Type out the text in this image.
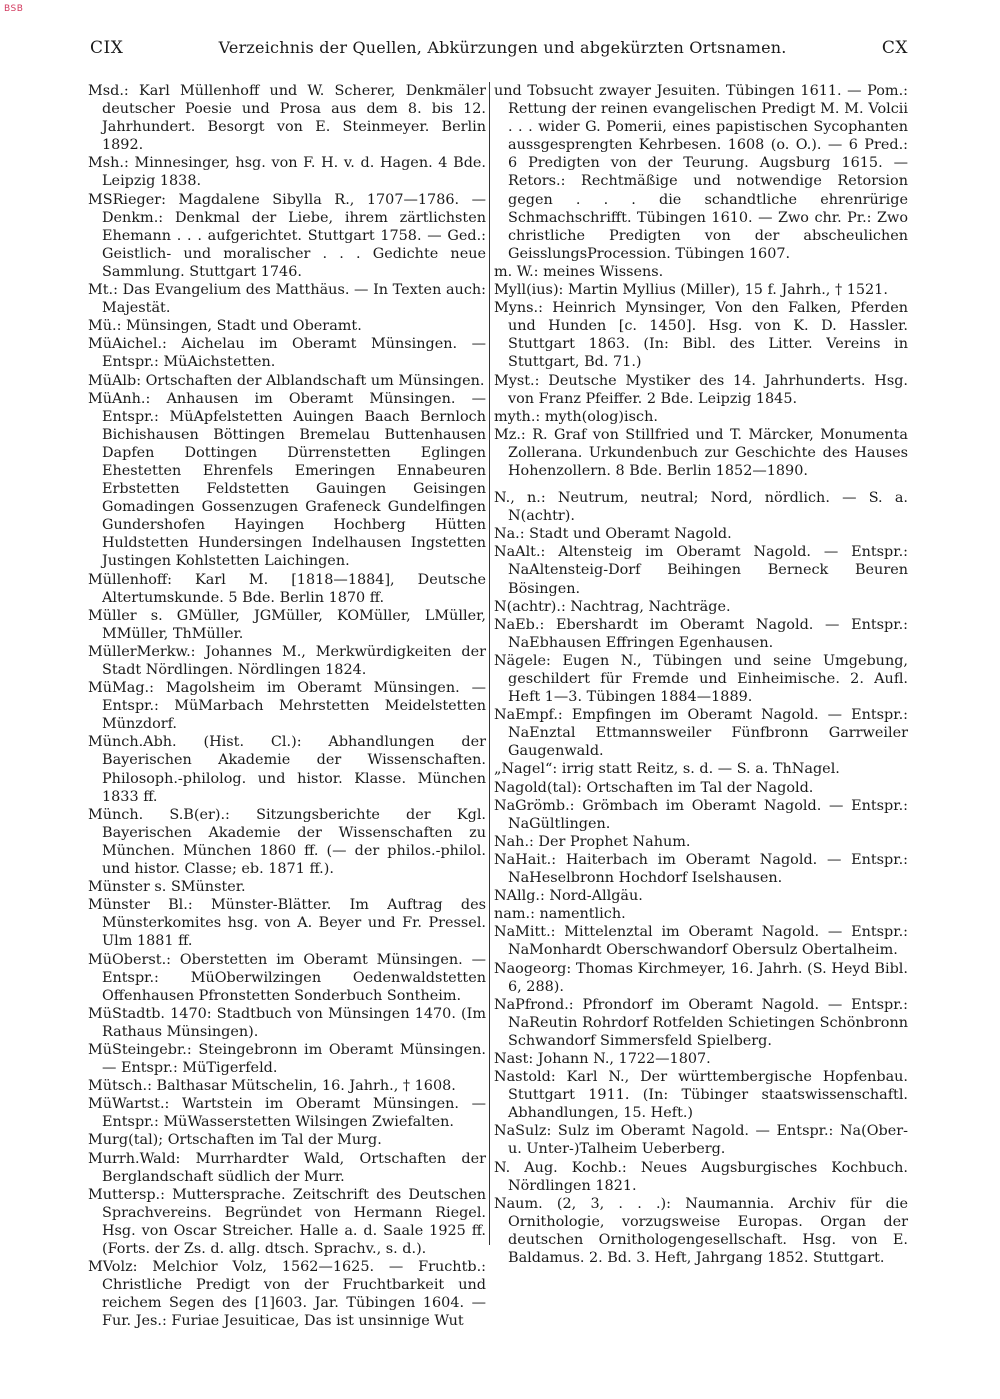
BSB
CIX	Verzeichnis der Quellen, Abkürzungen und abgekürzten Ortsnamen.	CX

Msd.: Karl Müllenhoff und W. Scherer, Denkmäler deutscher Poesie und Prosa aus dem 8. bis 12. Jahrhundert. Besorgt von E. Steinmeyer. Berlin 1892.

Msh.: Minnesinger, hsg. von F. H. v. d. Hagen. 4 Bde. Leipzig 1838.

MSRieger: Magdalene Sibylla R., 1707—1786. — Denkm.: Denkmal der Liebe, ihrem zärtlichsten Ehemann . . . aufgerichtet. Stuttgart 1758. — Ged.: Geistlich- und moralischer . . . Gedichte neue Sammlung. Stuttgart 1746.

Mt.: Das Evangelium des Matthäus. — In Texten auch: Majestät.

Mü.: Münsingen, Stadt und Oberamt.

MüAichel.: Aichelau im Oberamt Münsingen. — Entspr.: MüAichstetten.

MüAlb: Ortschaften der Alblandschaft um Münsingen.

MüAnh.: Anhausen im Oberamt Münsingen. — Entspr.: MüApfelstetten Auingen Baach Bernloch Bichishausen Böttingen Bremelau Buttenhausen Dapfen Dottingen Dürrenstetten Eglingen Ehestetten Ehrenfels Emeringen Ennabeuren Erbstetten Feldstetten Gauingen Geisingen Gomadingen Gossenzugen Grafeneck Gundelfingen Gundershofen Hayingen Hochberg Hütten Huldstetten Hundersingen Indelhausen Ingstetten Justingen Kohlstetten Laichingen.

Müllenhoff: Karl M. [1818—1884], Deutsche Altertumskunde. 5 Bde. Berlin 1870 ff.

Müller s. GMüller, JGMüller, KOMüller, LMüller, MMüller, ThMüller.

MüllerMerkw.: Johannes M., Merkwürdigkeiten der Stadt Nördlingen. Nördlingen 1824.

MüMag.: Magolsheim im Oberamt Münsingen. — Entspr.: MüMarbach Mehrstetten Meidelstetten Münzdorf.

Münch.Abh. (Hist. Cl.): Abhandlungen der Bayerischen Akademie der Wissenschaften. Philosoph.-philolog. und histor. Klasse. München 1833 ff.

Münch. S.B(er).: Sitzungsberichte der Kgl. Bayerischen Akademie der Wissenschaften zu München. München 1860 ff. (— der philos.-philol. und histor. Classe; eb. 1871 ff.).

Münster s. SMünster.

Münster Bl.: Münster-Blätter. Im Auftrag des Münsterkomites hsg. von A. Beyer und Fr. Pressel. Ulm 1881 ff.

MüOberst.: Oberstetten im Oberamt Münsingen. — Entspr.: MüOberwilzingen Oedenwaldstetten Offenhausen Pfronstetten Sonderbuch Sontheim.

MüStadtb. 1470: Stadtbuch von Münsingen 1470. (Im Rathaus Münsingen).

MüSteingebr.: Steingebronn im Oberamt Münsingen. — Entspr.: MüTigerfeld.

Mütsch.: Balthasar Mütschelin, 16. Jahrh., † 1608.

MüWartst.: Wartstein im Oberamt Münsingen. — Entspr.: MüWasserstetten Wilsingen Zwiefalten.

Murg(tal); Ortschaften im Tal der Murg.

Murrh.Wald: Murrhardter Wald, Ortschaften der Berglandschaft südlich der Murr.

Muttersp.: Muttersprache. Zeitschrift des Deutschen Sprachvereins. Begründet von Hermann Riegel. Hsg. von Oscar Streicher. Halle a. d. Saale 1925 ff. (Forts. der Zs. d. allg. dtsch. Sprachv., s. d.).

MVolz: Melchior Volz, 1562—1625. — Fruchtb.: Christliche Predigt von der Fruchtbarkeit und reichem Segen des [1]603. Jar. Tübingen 1604. — Fur. Jes.: Furiae Jesuiticae, Das ist unsinnige Wut

und Tobsucht zwayer Jesuiten. Tübingen 1611. — Pom.: Rettung der reinen evangelischen Predigt M. M. Volcii . . . wider G. Pomerii, eines papistischen Sycophanten aussgesprengten Kehrbesen. 1608 (o. O.). — 6 Pred.: 6 Predigten von der Teurung. Augsburg 1615. — Retors.: Rechtmäßige und notwendige Retorsion gegen . . . die schandtliche ehrenrürige Schmachschrifft. Tübingen 1610. — Zwo chr. Pr.: Zwo christliche Predigten von der abscheulichen GeisslungsProcession. Tübingen 1607.

m. W.: meines Wissens.

Myll(ius): Martin Myllius (Miller), 15 f. Jahrh., † 1521.

Myns.: Heinrich Mynsinger, Von den Falken, Pferden und Hunden [c. 1450]. Hsg. von K. D. Hassler. Stuttgart 1863. (In: Bibl. des Litter. Vereins in Stuttgart, Bd. 71.)

Myst.: Deutsche Mystiker des 14. Jahrhunderts. Hsg. von Franz Pfeiffer. 2 Bde. Leipzig 1845.

myth.: myth(olog)isch.

Mz.: R. Graf von Stillfried und T. Märcker, Monumenta Zollerana. Urkundenbuch zur Geschichte des Hauses Hohenzollern. 8 Bde. Berlin 1852—1890.

N., n.: Neutrum, neutral; Nord, nördlich. — S. a. N(achtr).

Na.: Stadt und Oberamt Nagold.

NaAlt.: Altensteig im Oberamt Nagold. — Entspr.: NaAltensteig-Dorf Beihingen Berneck Beuren Bösingen.

N(achtr).: Nachtrag, Nachträge.

NaEb.: Ebershardt im Oberamt Nagold. — Entspr.: NaEbhausen Effringen Egenhausen.

Nägele: Eugen N., Tübingen und seine Umgebung, geschildert für Fremde und Einheimische. 2. Aufl. Heft 1—3. Tübingen 1884—1889.

NaEmpf.: Empfingen im Oberamt Nagold. — Entspr.: NaEnztal Ettmannsweiler Fünfbronn Garrweiler Gaugenwald.

„Nagel“: irrig statt Reitz, s. d. — S. a. ThNagel.

Nagold(tal): Ortschaften im Tal der Nagold.

NaGrömb.: Grömbach im Oberamt Nagold. — Entspr.: NaGültlingen.

Nah.: Der Prophet Nahum.

NaHait.: Haiterbach im Oberamt Nagold. — Entspr.: NaHeselbronn Hochdorf Iselshausen.

NAllg.: Nord-Allgäu.

nam.: namentlich.

NaMitt.: Mittelenztal im Oberamt Nagold. — Entspr.: NaMonhardt Oberschwandorf Obersulz Obertalheim.

Naogeorg: Thomas Kirchmeyer, 16. Jahrh. (S. Heyd Bibl. 6, 288).

NaPfrond.: Pfrondorf im Oberamt Nagold. — Entspr.: NaReutin Rohrdorf Rotfelden Schietingen Schönbronn Schwandorf Simmersfeld Spielberg.

Nast: Johann N., 1722—1807.

Nastold: Karl N., Der württembergische Hopfenbau. Stuttgart 1911. (In: Tübinger staatswissenschaftl. Abhandlungen, 15. Heft.)

NaSulz: Sulz im Oberamt Nagold. — Entspr.: Na(Ober- u. Unter-)Talheim Ueberberg.

N. Aug. Kochb.: Neues Augsburgisches Kochbuch. Nördlingen 1821.

Naum. (2, 3, . . .): Naumannia. Archiv für die Ornithologie, vorzugsweise Europas. Organ der deutschen Ornithologengesellschaft. Hsg. von E. Baldamus. 2. Bd. 3. Heft, Jahrgang 1852. Stuttgart.
